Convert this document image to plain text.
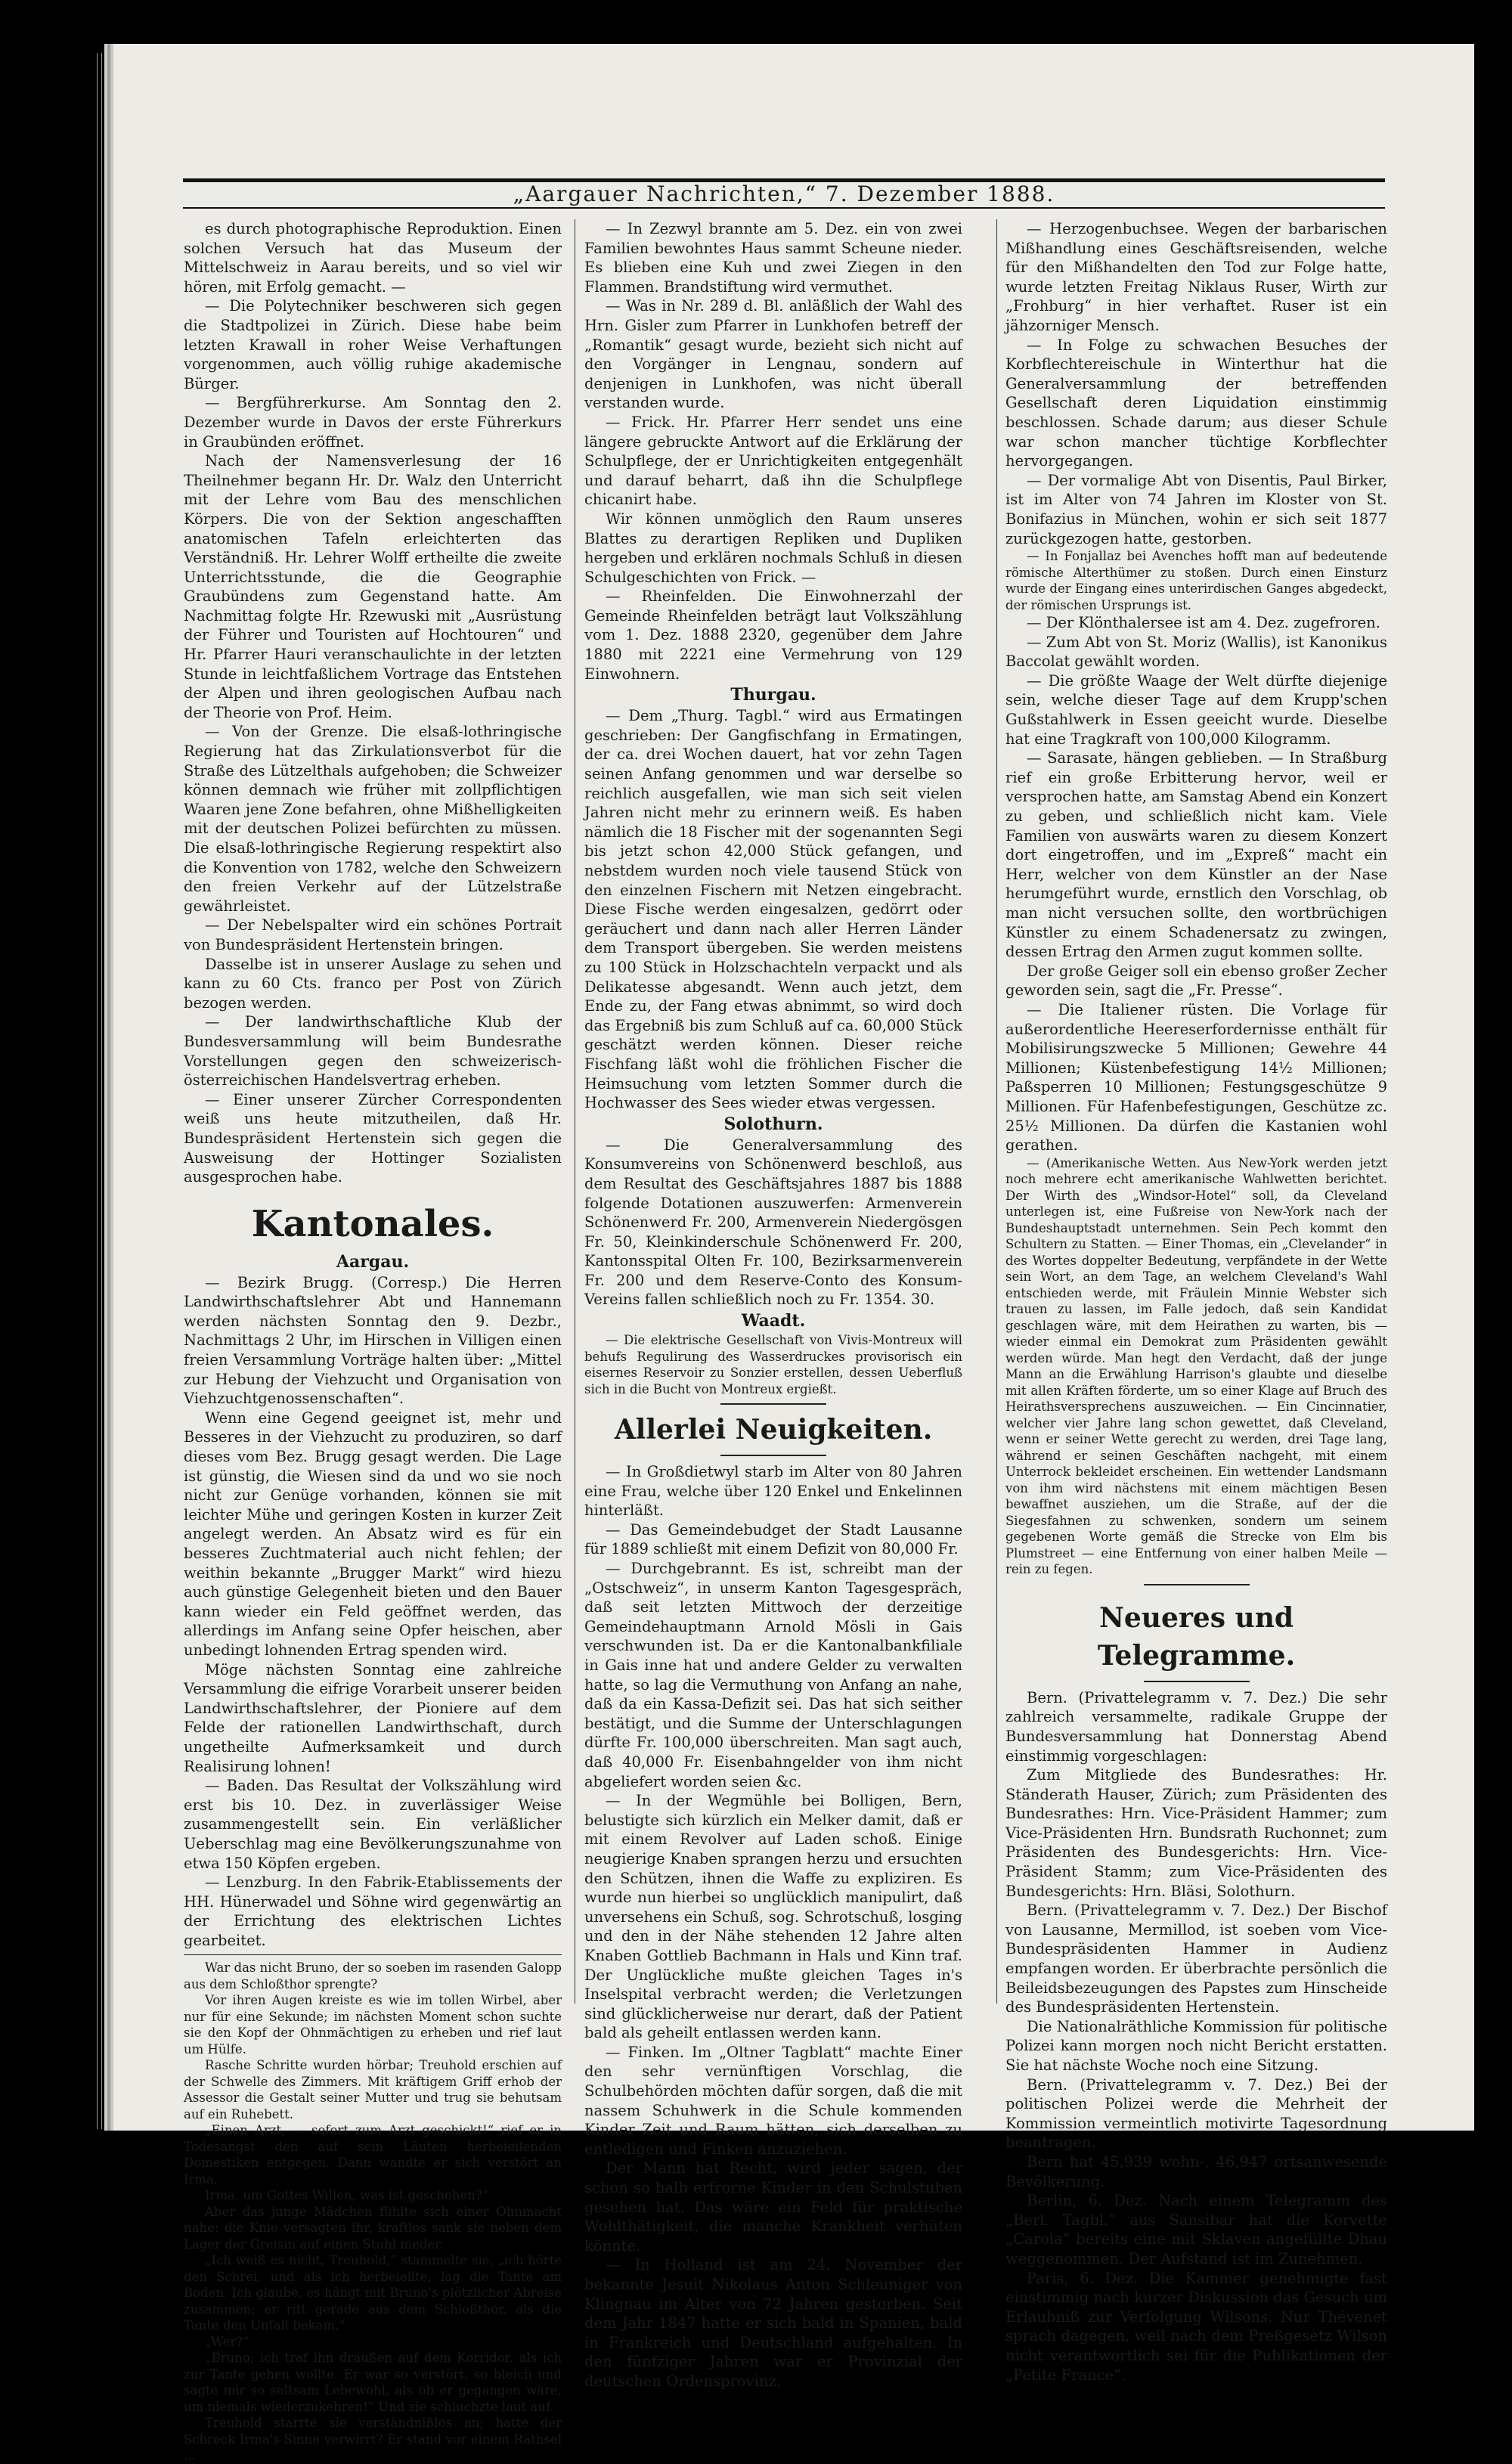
„Aargauer Nachrichten,“ 7. Dezember 1888.

es durch photographische Reproduktion. Einen solchen Versuch hat das Museum der Mittelschweiz in Aarau bereits, und so viel wir hören, mit Erfolg gemacht. —

— Die Polytechniker beschweren sich gegen die Stadtpolizei in Zürich. Diese habe beim letzten Krawall in roher Weise Verhaftungen vorgenommen, auch völlig ruhige akademische Bürger.

— Bergführerkurse. Am Sonntag den 2. Dezember wurde in Davos der erste Führerkurs in Graubünden eröffnet.

Nach der Namensverlesung der 16 Theilnehmer begann Hr. Dr. Walz den Unterricht mit der Lehre vom Bau des menschlichen Körpers. Die von der Sektion angeschafften anatomischen Tafeln erleichterten das Verständniß. Hr. Lehrer Wolff ertheilte die zweite Unterrichtsstunde, die die Geographie Graubündens zum Gegenstand hatte. Am Nachmittag folgte Hr. Rzewuski mit „Ausrüstung der Führer und Touristen auf Hochtouren“ und Hr. Pfarrer Hauri veranschaulichte in der letzten Stunde in leichtfaßlichem Vortrage das Entstehen der Alpen und ihren geologischen Aufbau nach der Theorie von Prof. Heim.

— Von der Grenze. Die elsaß-lothringische Regierung hat das Zirkulationsverbot für die Straße des Lützelthals aufgehoben; die Schweizer können demnach wie früher mit zollpflichtigen Waaren jene Zone befahren, ohne Mißhelligkeiten mit der deutschen Polizei befürchten zu müssen. Die elsaß-lothringische Regierung respektirt also die Konvention von 1782, welche den Schweizern den freien Verkehr auf der Lützelstraße gewährleistet.

— Der Nebelspalter wird ein schönes Portrait von Bundespräsident Hertenstein bringen.

Dasselbe ist in unserer Auslage zu sehen und kann zu 60 Cts. franco per Post von Zürich bezogen werden.

— Der landwirthschaftliche Klub der Bundesversammlung will beim Bundesrathe Vorstellungen gegen den schweizerisch-österreichischen Handelsvertrag erheben.

— Einer unserer Zürcher Correspondenten weiß uns heute mitzutheilen, daß Hr. Bundespräsident Hertenstein sich gegen die Ausweisung der Hottinger Sozialisten ausgesprochen habe.

Kantonales.
Aargau.

— Bezirk Brugg. (Corresp.) Die Herren Landwirthschaftslehrer Abt und Hannemann werden nächsten Sonntag den 9. Dezbr., Nachmittags 2 Uhr, im Hirschen in Villigen einen freien Versammlung Vorträge halten über: „Mittel zur Hebung der Viehzucht und Organisation von Viehzuchtgenossenschaften“.

Wenn eine Gegend geeignet ist, mehr und Besseres in der Viehzucht zu produziren, so darf dieses vom Bez. Brugg gesagt werden. Die Lage ist günstig, die Wiesen sind da und wo sie noch nicht zur Genüge vorhanden, können sie mit leichter Mühe und geringen Kosten in kurzer Zeit angelegt werden. An Absatz wird es für ein besseres Zuchtmaterial auch nicht fehlen; der weithin bekannte „Brugger Markt“ wird hiezu auch günstige Gelegenheit bieten und den Bauer kann wieder ein Feld geöffnet werden, das allerdings im Anfang seine Opfer heischen, aber unbedingt lohnenden Ertrag spenden wird.

Möge nächsten Sonntag eine zahlreiche Versammlung die eifrige Vorarbeit unserer beiden Landwirthschaftslehrer, der Pioniere auf dem Felde der rationellen Landwirthschaft, durch ungetheilte Aufmerksamkeit und durch Realisirung lohnen!

— Baden. Das Resultat der Volkszählung wird erst bis 10. Dez. in zuverlässiger Weise zusammengestellt sein. Ein verläßlicher Ueberschlag mag eine Bevölkerungszunahme von etwa 150 Köpfen ergeben.

— Lenzburg. In den Fabrik-Etablissements der HH. Hünerwadel und Söhne wird gegenwärtig an der Errichtung des elektrischen Lichtes gearbeitet.

War das nicht Bruno, der so soeben im rasenden Galopp aus dem Schloßthor sprengte?

Vor ihren Augen kreiste es wie im tollen Wirbel, aber nur für eine Sekunde; im nächsten Moment schon suchte sie den Kopf der Ohnmächtigen zu erheben und rief laut um Hülfe.

Rasche Schritte wurden hörbar; Treuhold erschien auf der Schwelle des Zimmers. Mit kräftigem Griff erhob der Assessor die Gestalt seiner Mutter und trug sie behutsam auf ein Ruhebett.

„Einen Arzt, — sofort zum Arzt geschickt!“ rief er in Todesangst den auf sein Läuten herbeieilenden Domestiken entgegen. Dann wandte er sich verstört an Irma.

Irma, um Gottes Willen, was ist geschehen?“

Aber das junge Mädchen fühlte sich einer Ohnmacht nahe; die Knie versagten ihr, kraftlos sank sie neben dem Lager der Greisin auf einen Stuhl nieder.

„Ich weiß es nicht, Treuhold,“ stammelte sie, „ich hörte den Schrei, und als ich herbeieilte, lag die Tante am Boden. Ich glaube, es hängt mit Bruno's plötzlicher Abreise zusammen; er ritt gerade aus dem Schloßthor, als die Tante den Unfall bekam.“

„Wer?“

„Bruno; ich traf ihn draußen auf dem Korridor, als ich zur Tante gehen wollte. Er war so verstört, so bleich und sagte mir so seltsam Lebewohl, als ob er gegangen wäre, um niemals wiederzukehren!“ Und sie schluchzte laut auf.

Treuhold starrte sie verständnißlos an; hatte der Schreck Irma's Sinne verwirrt? Er stand vor einem Räthsel ...

— In Zezwyl brannte am 5. Dez. ein von zwei Familien bewohntes Haus sammt Scheune nieder. Es blieben eine Kuh und zwei Ziegen in den Flammen. Brandstiftung wird vermuthet.

— Was in Nr. 289 d. Bl. anläßlich der Wahl des Hrn. Gisler zum Pfarrer in Lunkhofen betreff der „Romantik“ gesagt wurde, bezieht sich nicht auf den Vorgänger in Lengnau, sondern auf denjenigen in Lunkhofen, was nicht überall verstanden wurde.

— Frick. Hr. Pfarrer Herr sendet uns eine längere gebruckte Antwort auf die Erklärung der Schulpflege, der er Unrichtigkeiten entgegenhält und darauf beharrt, daß ihn die Schulpflege chicanirt habe.

Wir können unmöglich den Raum unseres Blattes zu derartigen Repliken und Dupliken hergeben und erklären nochmals Schluß in diesen Schulgeschichten von Frick. —

— Rheinfelden. Die Einwohnerzahl der Gemeinde Rheinfelden beträgt laut Volkszählung vom 1. Dez. 1888 2320, gegenüber dem Jahre 1880 mit 2221 eine Vermehrung von 129 Einwohnern.

Thurgau.

— Dem „Thurg. Tagbl.“ wird aus Ermatingen geschrieben: Der Gangfischfang in Ermatingen, der ca. drei Wochen dauert, hat vor zehn Tagen seinen Anfang genommen und war derselbe so reichlich ausgefallen, wie man sich seit vielen Jahren nicht mehr zu erinnern weiß. Es haben nämlich die 18 Fischer mit der sogenannten Segi bis jetzt schon 42,000 Stück gefangen, und nebstdem wurden noch viele tausend Stück von den einzelnen Fischern mit Netzen eingebracht. Diese Fische werden eingesalzen, gedörrt oder geräuchert und dann nach aller Herren Länder dem Transport übergeben. Sie werden meistens zu 100 Stück in Holzschachteln verpackt und als Delikatesse abgesandt. Wenn auch jetzt, dem Ende zu, der Fang etwas abnimmt, so wird doch das Ergebniß bis zum Schluß auf ca. 60,000 Stück geschätzt werden können. Dieser reiche Fischfang läßt wohl die fröhlichen Fischer die Heimsuchung vom letzten Sommer durch die Hochwasser des Sees wieder etwas vergessen.

Solothurn.

— Die Generalversammlung des Konsumvereins von Schönenwerd beschloß, aus dem Resultat des Geschäftsjahres 1887 bis 1888 folgende Dotationen auszuwerfen: Armenverein Schönenwerd Fr. 200, Armenverein Niedergösgen Fr. 50, Kleinkinderschule Schönenwerd Fr. 200, Kantonsspital Olten Fr. 100, Bezirksarmenverein Fr. 200 und dem Reserve-Conto des Konsum-Vereins fallen schließlich noch zu Fr. 1354. 30.

Waadt.

— Die elektrische Gesellschaft von Vivis-Montreux will behufs Regulirung des Wasserdruckes provisorisch ein eisernes Reservoir zu Sonzier erstellen, dessen Ueberfluß sich in die Bucht von Montreux ergießt.

Allerlei Neuigkeiten.

— In Großdietwyl starb im Alter von 80 Jahren eine Frau, welche über 120 Enkel und Enkelinnen hinterläßt.

— Das Gemeindebudget der Stadt Lausanne für 1889 schließt mit einem Defizit von 80,000 Fr.

— Durchgebrannt. Es ist, schreibt man der „Ostschweiz“, in unserm Kanton Tagesgespräch, daß seit letzten Mittwoch der derzeitige Gemeindehauptmann Arnold Mösli in Gais verschwunden ist. Da er die Kantonalbankfiliale in Gais inne hat und andere Gelder zu verwalten hatte, so lag die Vermuthung von Anfang an nahe, daß da ein Kassa-Defizit sei. Das hat sich seither bestätigt, und die Summe der Unterschlagungen dürfte Fr. 100,000 überschreiten. Man sagt auch, daß 40,000 Fr. Eisenbahngelder von ihm nicht abgeliefert worden seien &c.

— In der Wegmühle bei Bolligen, Bern, belustigte sich kürzlich ein Melker damit, daß er mit einem Revolver auf Laden schoß. Einige neugierige Knaben sprangen herzu und ersuchten den Schützen, ihnen die Waffe zu expliziren. Es wurde nun hierbei so unglücklich manipulirt, daß unversehens ein Schuß, sog. Schrotschuß, losging und den in der Nähe stehenden 12 Jahre alten Knaben Gottlieb Bachmann in Hals und Kinn traf. Der Unglückliche mußte gleichen Tages in's Inselspital verbracht werden; die Verletzungen sind glücklicherweise nur derart, daß der Patient bald als geheilt entlassen werden kann.

— Finken. Im „Oltner Tagblatt“ machte Einer den sehr vernünftigen Vorschlag, die Schulbehörden möchten dafür sorgen, daß die mit nassem Schuhwerk in die Schule kommenden Kinder Zeit und Raum hätten, sich derselben zu entledigen und Finken anzuziehen.

Der Mann hat Recht, wird jeder sagen, der schon so halb erfrorne Kinder in den Schulstuben gesehen hat. Das wäre ein Feld für praktische Wohlthätigkeit, die manche Krankheit verhüten könnte.

— In Holland ist am 24. November der bekannte Jesuit Nikolaus Anton Schleuniger von Klingnau im Alter von 72 Jahren gestorben. Seit dem Jahr 1847 hatte er sich bald in Spanien, bald in Frankreich und Deutschland aufgehalten. In den fünfziger Jahren war er Provinzial der deutschen Ordensprovinz.

— Herzogenbuchsee. Wegen der barbarischen Mißhandlung eines Geschäftsreisenden, welche für den Mißhandelten den Tod zur Folge hatte, wurde letzten Freitag Niklaus Ruser, Wirth zur „Frohburg“ in hier verhaftet. Ruser ist ein jähzorniger Mensch.

— In Folge zu schwachen Besuches der Korbflechtereischule in Winterthur hat die Generalversammlung der betreffenden Gesellschaft deren Liquidation einstimmig beschlossen. Schade darum; aus dieser Schule war schon mancher tüchtige Korbflechter hervorgegangen.

— Der vormalige Abt von Disentis, Paul Birker, ist im Alter von 74 Jahren im Kloster von St. Bonifazius in München, wohin er sich seit 1877 zurückgezogen hatte, gestorben.

— In Fonjallaz bei Avenches hofft man auf bedeutende römische Alterthümer zu stoßen. Durch einen Einsturz wurde der Eingang eines unterirdischen Ganges abgedeckt, der römischen Ursprungs ist.

— Der Klönthalersee ist am 4. Dez. zugefroren.

— Zum Abt von St. Moriz (Wallis), ist Kanonikus Baccolat gewählt worden.

— Die größte Waage der Welt dürfte diejenige sein, welche dieser Tage auf dem Krupp'schen Gußstahlwerk in Essen geeicht wurde. Dieselbe hat eine Tragkraft von 100,000 Kilogramm.

— Sarasate, hängen geblieben. — In Straßburg rief ein große Erbitterung hervor, weil er versprochen hatte, am Samstag Abend ein Konzert zu geben, und schließlich nicht kam. Viele Familien von auswärts waren zu diesem Konzert dort eingetroffen, und im „Expreß“ macht ein Herr, welcher von dem Künstler an der Nase herumgeführt wurde, ernstlich den Vorschlag, ob man nicht versuchen sollte, den wortbrüchigen Künstler zu einem Schadenersatz zu zwingen, dessen Ertrag den Armen zugut kommen sollte.

Der große Geiger soll ein ebenso großer Zecher geworden sein, sagt die „Fr. Presse“.

— Die Italiener rüsten. Die Vorlage für außerordentliche Heereserfordernisse enthält für Mobilisirungszwecke 5 Millionen; Gewehre 44 Millionen; Küstenbefestigung 14½ Millionen; Paßsperren 10 Millionen; Festungsgeschütze 9 Millionen. Für Hafenbefestigungen, Geschütze zc. 25½ Millionen. Da dürfen die Kastanien wohl gerathen.

— (Amerikanische Wetten. Aus New-York werden jetzt noch mehrere echt amerikanische Wahlwetten berichtet. Der Wirth des „Windsor-Hotel“ soll, da Cleveland unterlegen ist, eine Fußreise von New-York nach der Bundeshauptstadt unternehmen. Sein Pech kommt den Schultern zu Statten. — Einer Thomas, ein „Clevelander“ in des Wortes doppelter Bedeutung, verpfändete in der Wette sein Wort, an dem Tage, an welchem Cleveland's Wahl entschieden werde, mit Fräulein Minnie Webster sich trauen zu lassen, im Falle jedoch, daß sein Kandidat geschlagen wäre, mit dem Heirathen zu warten, bis — wieder einmal ein Demokrat zum Präsidenten gewählt werden würde. Man hegt den Verdacht, daß der junge Mann an die Erwählung Harrison's glaubte und dieselbe mit allen Kräften förderte, um so einer Klage auf Bruch des Heirathsversprechens auszuweichen. — Ein Cincinnatier, welcher vier Jahre lang schon gewettet, daß Cleveland, wenn er seiner Wette gerecht zu werden, drei Tage lang, während er seinen Geschäften nachgeht, mit einem Unterrock bekleidet erscheinen. Ein wettender Landsmann von ihm wird nächstens mit einem mächtigen Besen bewaffnet ausziehen, um die Straße, auf der die Siegesfahnen zu schwenken, sondern um seinem gegebenen Worte gemäß die Strecke von Elm bis Plumstreet — eine Entfernung von einer halben Meile — rein zu fegen.

Neueres und Telegramme.

Bern. (Privattelegramm v. 7. Dez.) Die sehr zahlreich versammelte, radikale Gruppe der Bundesversammlung hat Donnerstag Abend einstimmig vorgeschlagen:

Zum Mitgliede des Bundesrathes: Hr. Ständerath Hauser, Zürich; zum Präsidenten des Bundesrathes: Hrn. Vice-Präsident Hammer; zum Vice-Präsidenten Hrn. Bundsrath Ruchonnet; zum Präsidenten des Bundesgerichts: Hrn. Vice-Präsident Stamm; zum Vice-Präsidenten des Bundesgerichts: Hrn. Bläsi, Solothurn.

Bern. (Privattelegramm v. 7. Dez.) Der Bischof von Lausanne, Mermillod, ist soeben vom Vice-Bundespräsidenten Hammer in Audienz empfangen worden. Er überbrachte persönlich die Beileidsbezeugungen des Papstes zum Hinscheide des Bundespräsidenten Hertenstein.

Die Nationalräthliche Kommission für politische Polizei kann morgen noch nicht Bericht erstatten. Sie hat nächste Woche noch eine Sitzung.

Bern. (Privattelegramm v. 7. Dez.) Bei der politischen Polizei werde die Mehrheit der Kommission vermeintlich motivirte Tagesordnung beantragen.

Bern hat 45,939 wohn-, 46,947 ortsanwesende Bevölkerung.

Berlin, 6. Dez. Nach einem Telegramm des „Berl. Tagbl.“ aus Sansibar hat die Korvette „Carola“ bereits eine mit Sklaven angefüllte Dhau weggenommen. Der Aufstand ist im Zunehmen.

Paris, 6. Dez. Die Kammer genehmigte fast einstimmig nach kurzer Diskussion das Gesuch um Erlaubniß zur Verfolgung Wilsons. Nur Thévenet sprach dagegen, weil nach dem Preßgesetz Wilson nicht verantwortlich sei für die Publikationen der „Petite France“.
